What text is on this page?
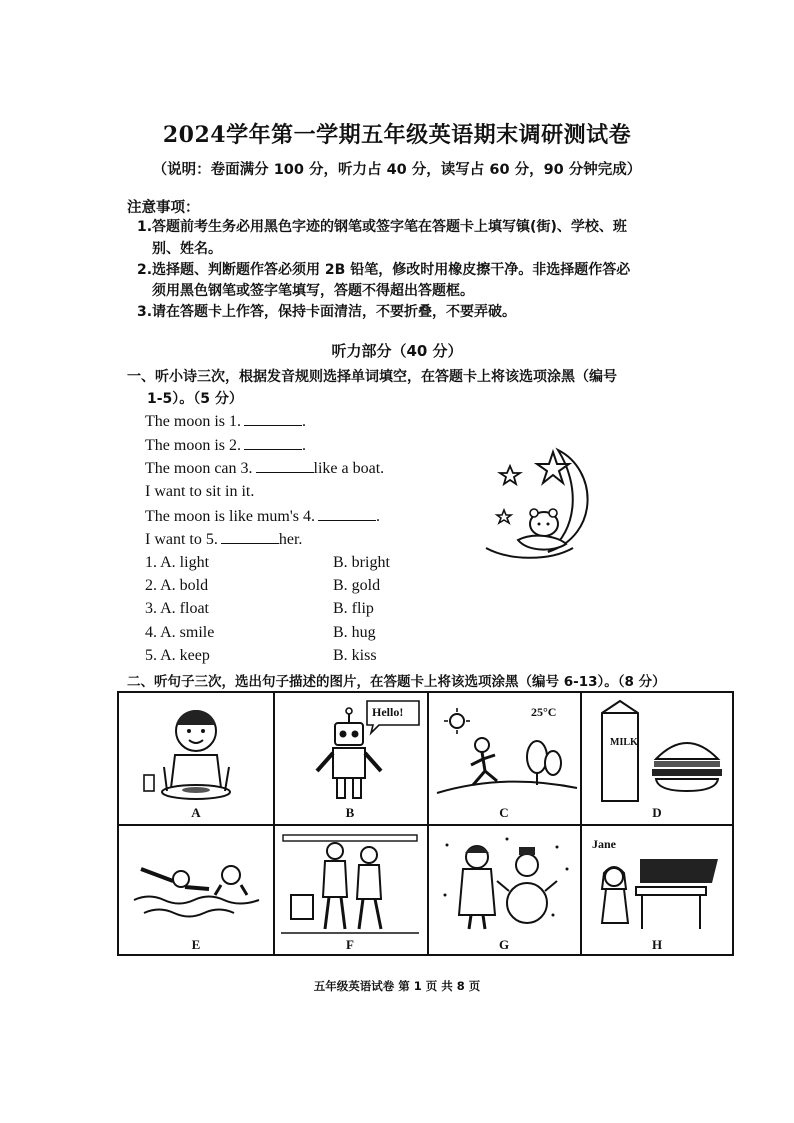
2024学年第一学期五年级英语期末调研测试卷
（说明：卷面满分 100 分，听力占 40 分，读写占 60 分，90 分钟完成）
注意事项：
1.答题前考生务必用黑色字迹的钢笔或签字笔在答题卡上填写镇(街)、学校、班
别、姓名。
2.选择题、判断题作答必须用 2B 铅笔，修改时用橡皮擦干净。非选择题作答必
须用黑色钢笔或签字笔填写，答题不得超出答题框。
3.请在答题卡上作答，保持卡面清洁，不要折叠，不要弄破。
听力部分（40 分）
一、听小诗三次，根据发音规则选择单词填空，在答题卡上将该选项涂黑（编号
1-5）。（5 分）
The moon is 1.	.
The moon is 2.	.
The moon can 3.	like a boat.
I want to sit in it.
The moon is like mum's 4.	.
I want to 5.	her.
1. A. light	B. bright
2. A. bold	B. gold
3. A. float	B. flip
4. A. smile	B. hug
5. A. keep	B. kiss
二、听句子三次，选出句子描述的图片，在答题卡上将该选项涂黑（编号 6-13）。（8 分）
A
Hello!
B
25°C
C
MILK
D
E	F	G
Jane
H
五年级英语试卷 第 1 页 共 8 页
